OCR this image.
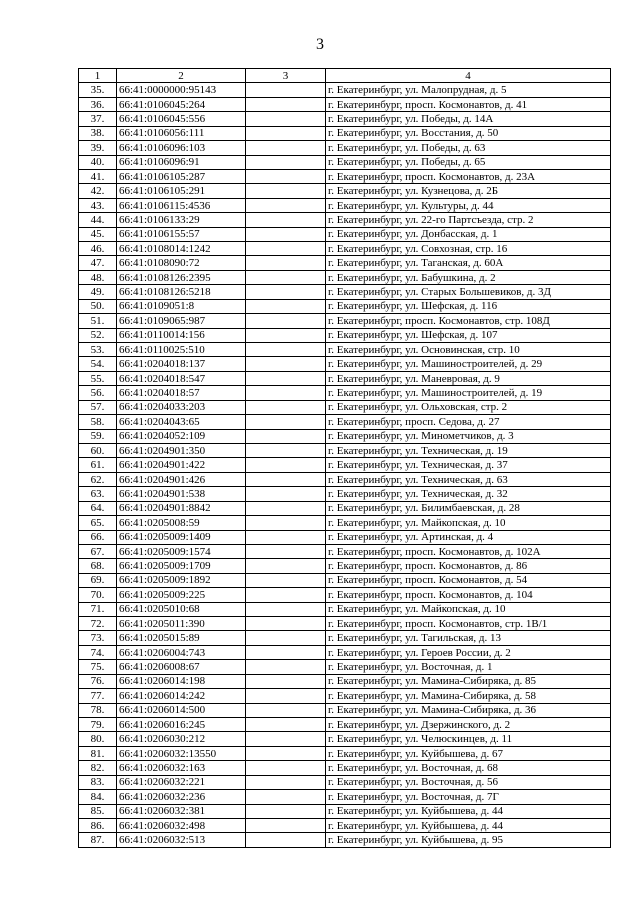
3
1	2	3	4
35.	66:41:0000000:95143		г. Екатеринбург, ул. Малопрудная, д. 5
36.	66:41:0106045:264		г. Екатеринбург, просп. Космонавтов, д. 41
37.	66:41:0106045:556		г. Екатеринбург, ул. Победы, д. 14А
38.	66:41:0106056:111		г. Екатеринбург, ул. Восстания, д. 50
39.	66:41:0106096:103		г. Екатеринбург, ул. Победы, д. 63
40.	66:41:0106096:91		г. Екатеринбург, ул. Победы, д. 65
41.	66:41:0106105:287		г. Екатеринбург, просп. Космонавтов, д. 23А
42.	66:41:0106105:291		г. Екатеринбург, ул. Кузнецова, д. 2Б
43.	66:41:0106115:4536		г. Екатеринбург, ул. Культуры, д. 44
44.	66:41:0106133:29		г. Екатеринбург, ул. 22-го Партсъезда, стр. 2
45.	66:41:0106155:57		г. Екатеринбург, ул. Донбасская, д. 1
46.	66:41:0108014:1242		г. Екатеринбург, ул. Совхозная, стр. 16
47.	66:41:0108090:72		г. Екатеринбург, ул. Таганская, д. 60А
48.	66:41:0108126:2395		г. Екатеринбург, ул. Бабушкина, д. 2
49.	66:41:0108126:5218		г. Екатеринбург, ул. Старых Большевиков, д. 3Д
50.	66:41:0109051:8		г. Екатеринбург, ул. Шефская, д. 116
51.	66:41:0109065:987		г. Екатеринбург, просп. Космонавтов, стр. 108Д
52.	66:41:0110014:156		г. Екатеринбург, ул. Шефская, д. 107
53.	66:41:0110025:510		г. Екатеринбург, ул. Основинская, стр. 10
54.	66:41:0204018:137		г. Екатеринбург, ул. Машиностроителей, д. 29
55.	66:41:0204018:547		г. Екатеринбург, ул. Маневровая, д. 9
56.	66:41:0204018:57		г. Екатеринбург, ул. Машиностроителей, д. 19
57.	66:41:0204033:203		г. Екатеринбург, ул. Ольховская, стр. 2
58.	66:41:0204043:65		г. Екатеринбург, просп. Седова, д. 27
59.	66:41:0204052:109		г. Екатеринбург, ул. Минометчиков, д. 3
60.	66:41:0204901:350		г. Екатеринбург, ул. Техническая, д. 19
61.	66:41:0204901:422		г. Екатеринбург, ул. Техническая, д. 37
62.	66:41:0204901:426		г. Екатеринбург, ул. Техническая, д. 63
63.	66:41:0204901:538		г. Екатеринбург, ул. Техническая, д. 32
64.	66:41:0204901:8842		г. Екатеринбург, ул. Билимбаевская, д. 28
65.	66:41:0205008:59		г. Екатеринбург, ул. Майкопская, д. 10
66.	66:41:0205009:1409		г. Екатеринбург, ул. Артинская, д. 4
67.	66:41:0205009:1574		г. Екатеринбург, просп. Космонавтов, д. 102А
68.	66:41:0205009:1709		г. Екатеринбург, просп. Космонавтов, д. 86
69.	66:41:0205009:1892		г. Екатеринбург, просп. Космонавтов, д. 54
70.	66:41:0205009:225		г. Екатеринбург, просп. Космонавтов, д. 104
71.	66:41:0205010:68		г. Екатеринбург, ул. Майкопская, д. 10
72.	66:41:0205011:390		г. Екатеринбург, просп. Космонавтов, стр. 1В/1
73.	66:41:0205015:89		г. Екатеринбург, ул. Тагильская, д. 13
74.	66:41:0206004:743		г. Екатеринбург, ул. Героев России, д. 2
75.	66:41:0206008:67		г. Екатеринбург, ул. Восточная, д. 1
76.	66:41:0206014:198		г. Екатеринбург, ул. Мамина-Сибиряка, д. 85
77.	66:41:0206014:242		г. Екатеринбург, ул. Мамина-Сибиряка, д. 58
78.	66:41:0206014:500		г. Екатеринбург, ул. Мамина-Сибиряка, д. 36
79.	66:41:0206016:245		г. Екатеринбург, ул. Дзержинского, д. 2
80.	66:41:0206030:212		г. Екатеринбург, ул. Челюскинцев, д. 11
81.	66:41:0206032:13550		г. Екатеринбург, ул. Куйбышева, д. 67
82.	66:41:0206032:163		г. Екатеринбург, ул. Восточная, д. 68
83.	66:41:0206032:221		г. Екатеринбург, ул. Восточная, д. 56
84.	66:41:0206032:236		г. Екатеринбург, ул. Восточная, д. 7Г
85.	66:41:0206032:381		г. Екатеринбург, ул. Куйбышева, д. 44
86.	66:41:0206032:498		г. Екатеринбург, ул. Куйбышева, д. 44
87.	66:41:0206032:513		г. Екатеринбург, ул. Куйбышева, д. 95
